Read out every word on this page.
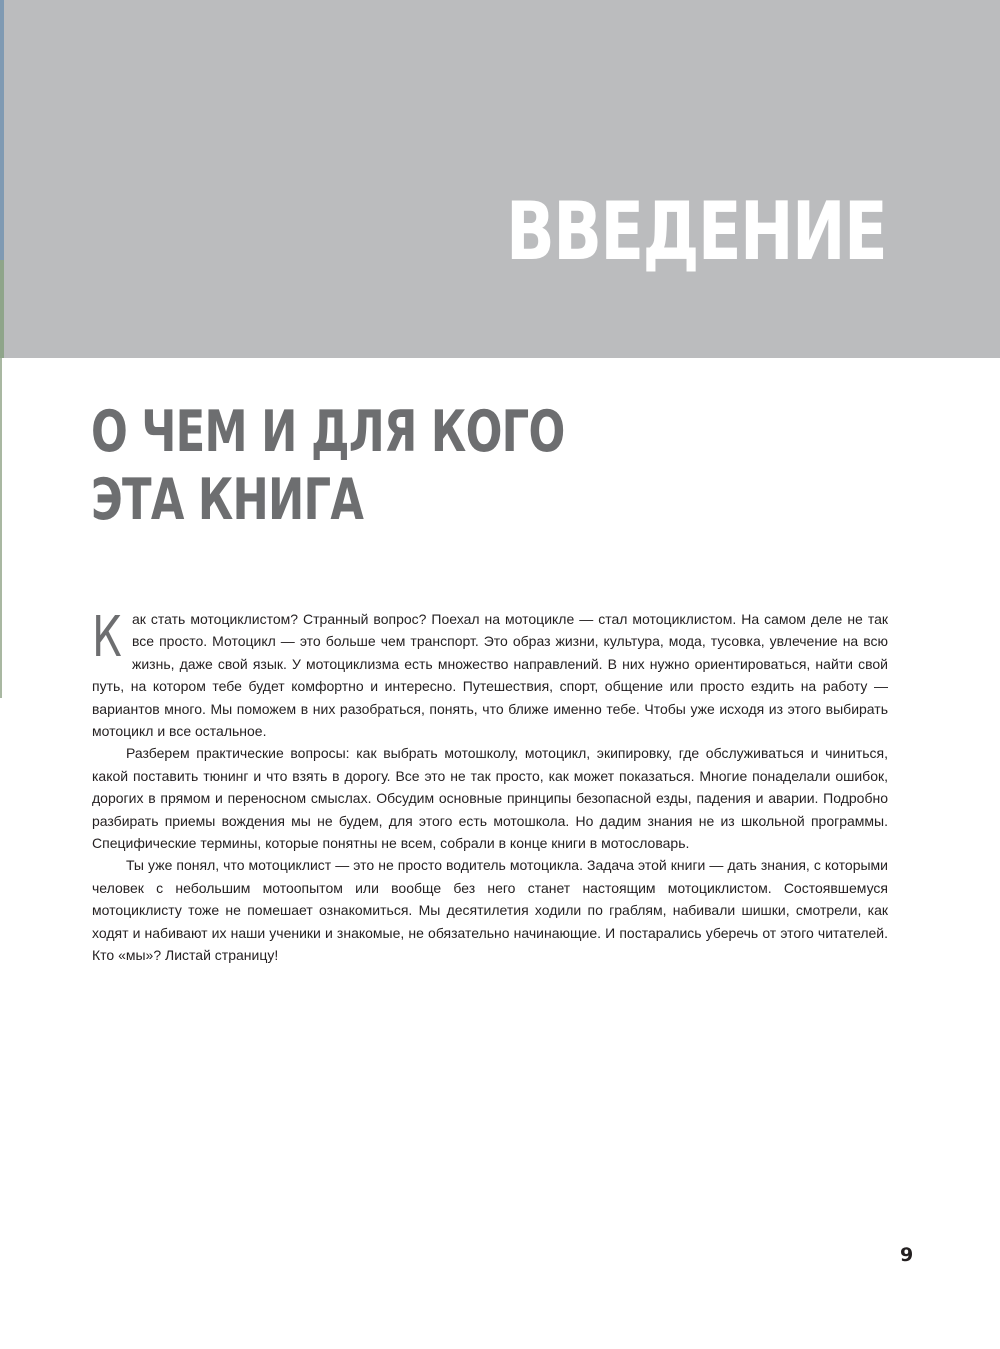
ВВЕДЕНИЕ
О ЧЕМ И ДЛЯ КОГО
ЭТА КНИГА

Как стать мотоциклистом? Странный вопрос? Поехал на мотоцикле — стал мотоциклистом. На самом деле не так все просто. Мотоцикл — это больше чем транспорт. Это образ жизни, культура, мода, тусовка, увлечение на всю жизнь, даже свой язык. У мотоциклизма есть множество направлений. В них нужно ориентироваться, найти свой путь, на котором тебе будет комфортно и интересно. Путешествия, спорт, общение или просто ездить на работу — вариантов много. Мы поможем в них разобраться, понять, что ближе именно тебе. Чтобы уже исходя из этого выбирать мотоцикл и все остальное.

Разберем практические вопросы: как выбрать мотошколу, мотоцикл, экипировку, где обслуживаться и чиниться, какой поставить тюнинг и что взять в дорогу. Все это не так просто, как может показаться. Многие понаделали ошибок, дорогих в прямом и переносном смыслах. Обсудим основные принципы безопасной езды, падения и аварии. Подробно разбирать приемы вождения мы не будем, для этого есть мотошкола. Но дадим знания не из школьной программы. Специфические термины, которые понятны не всем, собрали в конце книги в мотословарь.

Ты уже понял, что мотоциклист — это не просто водитель мотоцикла. Задача этой книги — дать знания, с которыми человек с небольшим мотоопытом или вообще без него станет настоящим мотоциклистом. Состоявшемуся мотоциклисту тоже не помешает ознакомиться. Мы десятилетия ходили по граблям, набивали шишки, смотрели, как ходят и набивают их наши ученики и знакомые, не обязательно начинающие. И постарались уберечь от этого читателей. Кто «мы»? Листай страницу!

9
